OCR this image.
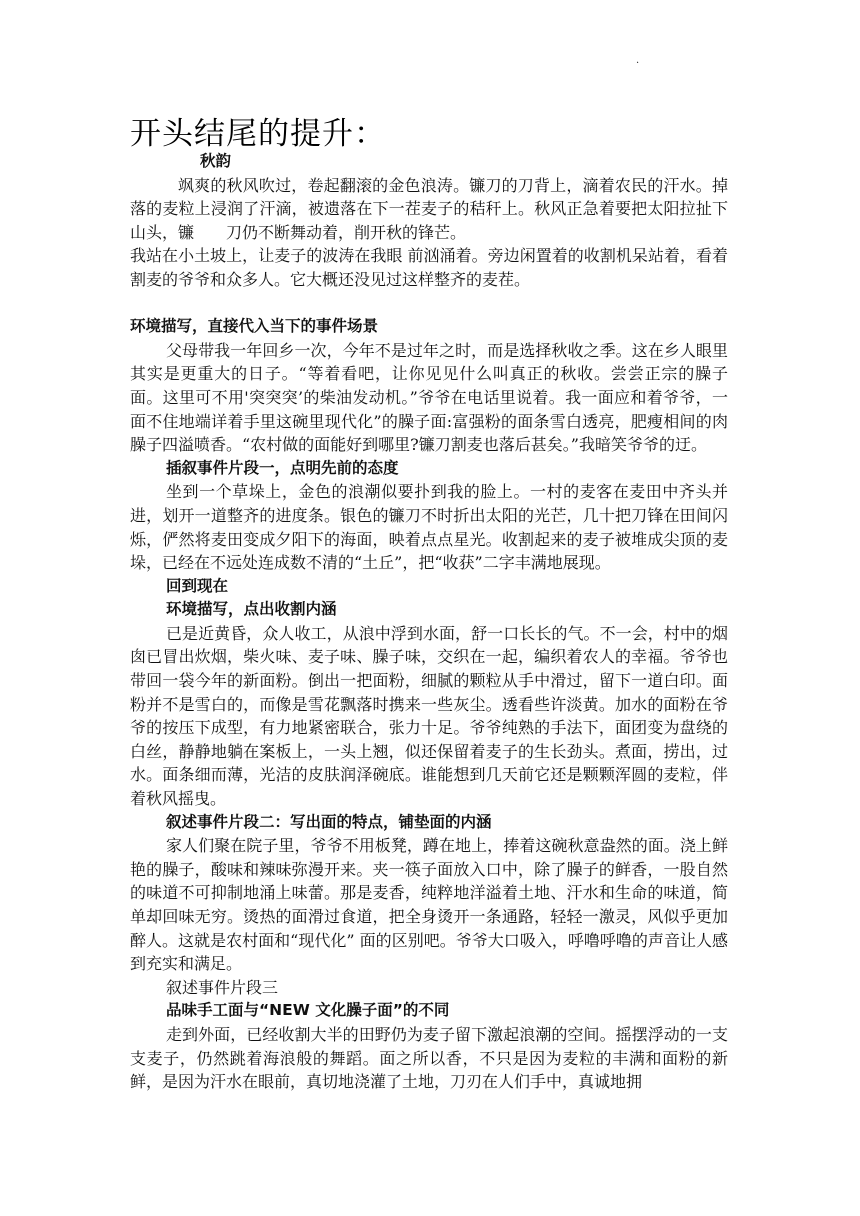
·
开头结尾的提升：

秋韵

飒爽的秋风吹过，卷起翻滚的金色浪涛。镰刀的刀背上，滴着农民的汗水。掉落的麦粒上浸润了汗滴，被遗落在下一茬麦子的秸秆上。秋风正急着要把太阳拉扯下山头，镰　　刀仍不断舞动着，削开秋的锋芒。

我站在小土坡上，让麦子的波涛在我眼 前汹涌着。旁边闲置着的收割机呆站着，看着割麦的爷爷和众多人。它大概还没见过这样整齐的麦茬。

环境描写，直接代入当下的事件场景

父母带我一年回乡一次，今年不是过年之时，而是选择秋收之季。这在乡人眼里其实是更重大的日子。“等着看吧，让你见见什么叫真正的秋收。尝尝正宗的臊子面。这里可不用'突突突’的柴油发动机。”爷爷在电话里说着。我一面应和着爷爷，一面不住地端详着手里这碗里现代化”的臊子面:富强粉的面条雪白透亮，肥瘦相间的肉臊子四溢喷香。“农村做的面能好到哪里?镰刀割麦也落后甚矣。”我暗笑爷爷的迂。

插叙事件片段一，点明先前的态度

坐到一个草垛上，金色的浪潮似要扑到我的脸上。一村的麦客在麦田中齐头并进，划开一道整齐的进度条。银色的镰刀不时折出太阳的光芒，几十把刀锋在田间闪烁，俨然将麦田变成夕阳下的海面，映着点点星光。收割起来的麦子被堆成尖顶的麦垛，已经在不远处连成数不清的“土丘”，把“收获”二字丰满地展现。

回到现在

环境描写，点出收割内涵

已是近黄昏，众人收工，从浪中浮到水面，舒一口长长的气。不一会，村中的烟囱已冒出炊烟，柴火味、麦子味、臊子味，交织在一起，编织着农人的幸福。爷爷也带回一袋今年的新面粉。倒出一把面粉，细腻的颗粒从手中滑过，留下一道白印。面粉并不是雪白的，而像是雪花飘落时携来一些灰尘。透看些许淡黄。加水的面粉在爷爷的按压下成型，有力地紧密联合，张力十足。爷爷纯熟的手法下，面团变为盘绕的白丝，静静地躺在案板上，一头上翘，似还保留着麦子的生长劲头。煮面，捞出，过水。面条细而薄，光洁的皮肤润泽碗底。谁能想到几天前它还是颗颗浑圆的麦粒，伴着秋风摇曳。

叙述事件片段二：写出面的特点，铺垫面的内涵

家人们聚在院子里，爷爷不用板凳，蹲在地上，捧着这碗秋意盎然的面。浇上鲜艳的臊子，酸味和辣味弥漫开来。夹一筷子面放入口中，除了臊子的鲜香，一股自然的味道不可抑制地涌上味蕾。那是麦香，纯粹地洋溢着土地、汗水和生命的味道，简单却回味无穷。烫热的面滑过食道，把全身烫开一条通路，轻轻一激灵，风似乎更加醉人。这就是农村面和“现代化” 面的区别吧。爷爷大口吸入，呼噜呼噜的声音让人感到充实和满足。

叙述事件片段三

品味手工面与“NEW 文化臊子面”的不同

走到外面，已经收割大半的田野仍为麦子留下激起浪潮的空间。摇摆浮动的一支支麦子，仍然跳着海浪般的舞蹈。面之所以香，不只是因为麦粒的丰满和面粉的新鲜，是因为汗水在眼前，真切地浇灌了土地，刀刃在人们手中，真诚地拥
